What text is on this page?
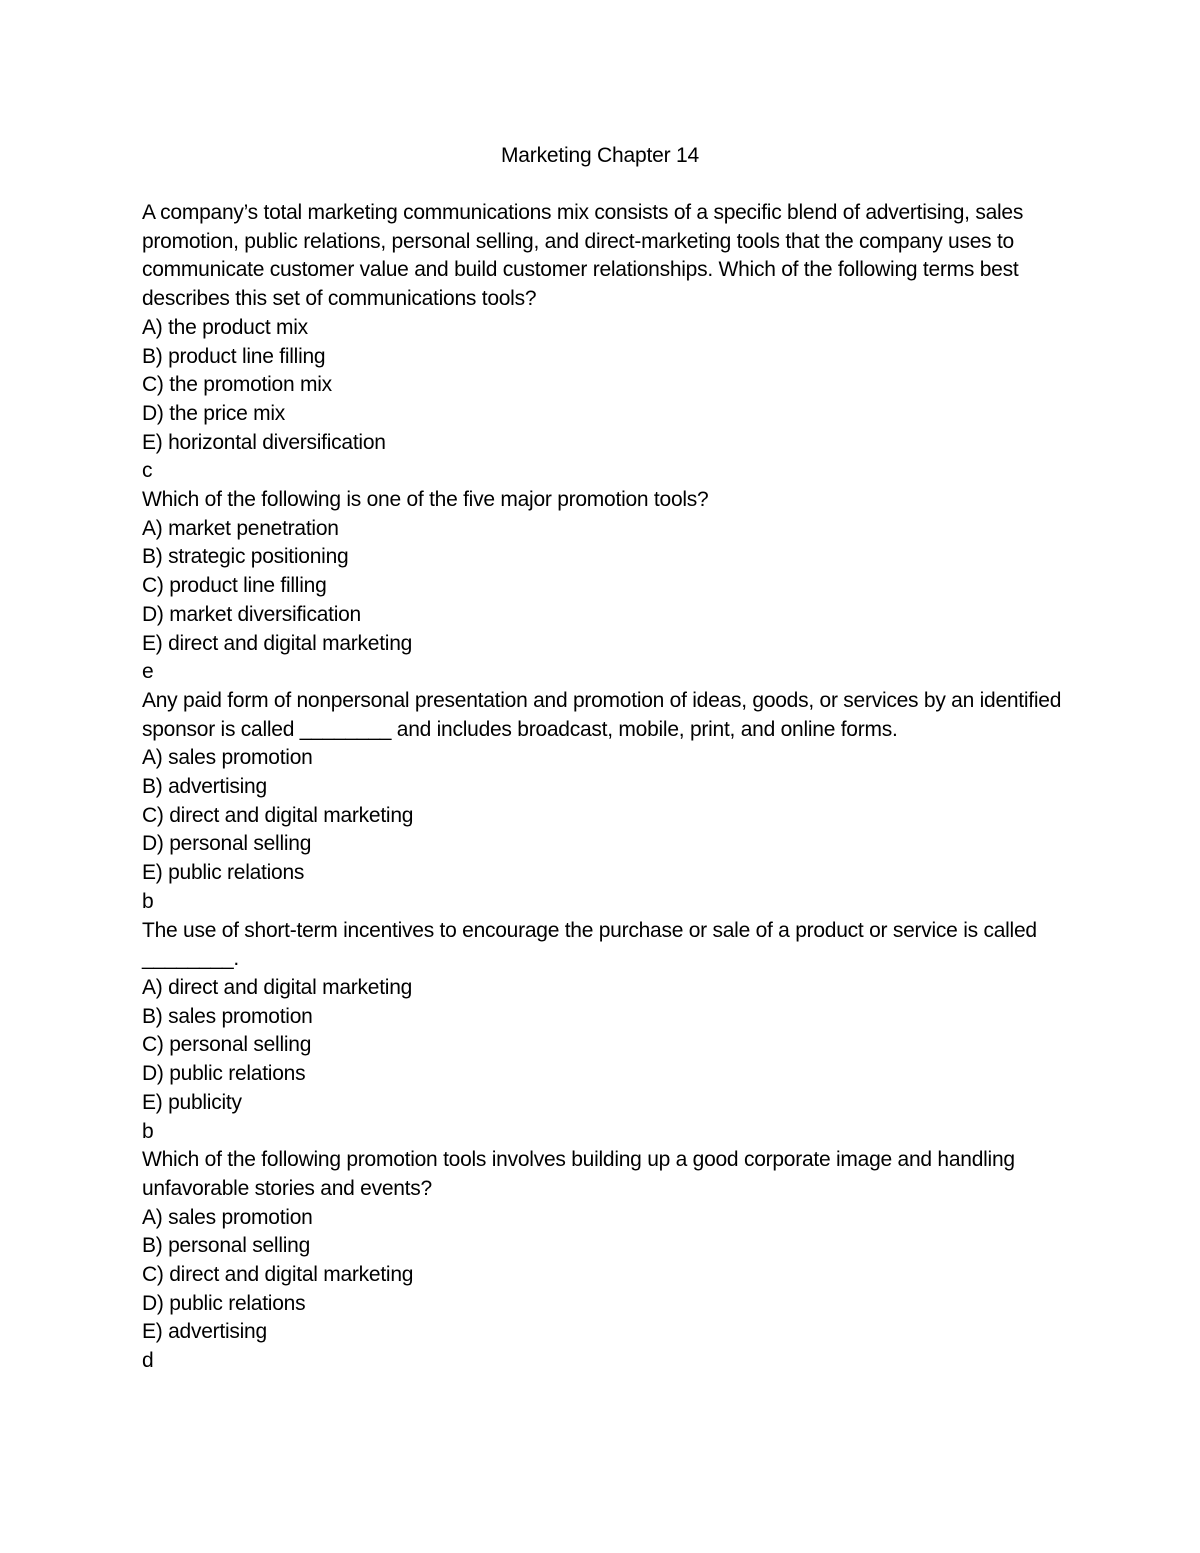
Marketing Chapter 14

A company’s total marketing communications mix consists of a specific blend of advertising, sales promotion, public relations, personal selling, and direct-marketing tools that the company uses to communicate customer value and build customer relationships. Which of the following terms best describes this set of communications tools?

A) the product mix

B) product line filling

C) the promotion mix

D) the price mix

E) horizontal diversification

c

Which of the following is one of the five major promotion tools?

A) market penetration

B) strategic positioning

C) product line filling

D) market diversification

E) direct and digital marketing

e

Any paid form of nonpersonal presentation and promotion of ideas, goods, or services by an identified sponsor is called ________ and includes broadcast, mobile, print, and online forms.

A) sales promotion

B) advertising

C) direct and digital marketing

D) personal selling

E) public relations

b

The use of short-term incentives to encourage the purchase or sale of a product or service is called ________.

A) direct and digital marketing

B) sales promotion

C) personal selling

D) public relations

E) publicity

b

Which of the following promotion tools involves building up a good corporate image and handling unfavorable stories and events?

A) sales promotion

B) personal selling

C) direct and digital marketing

D) public relations

E) advertising

d
